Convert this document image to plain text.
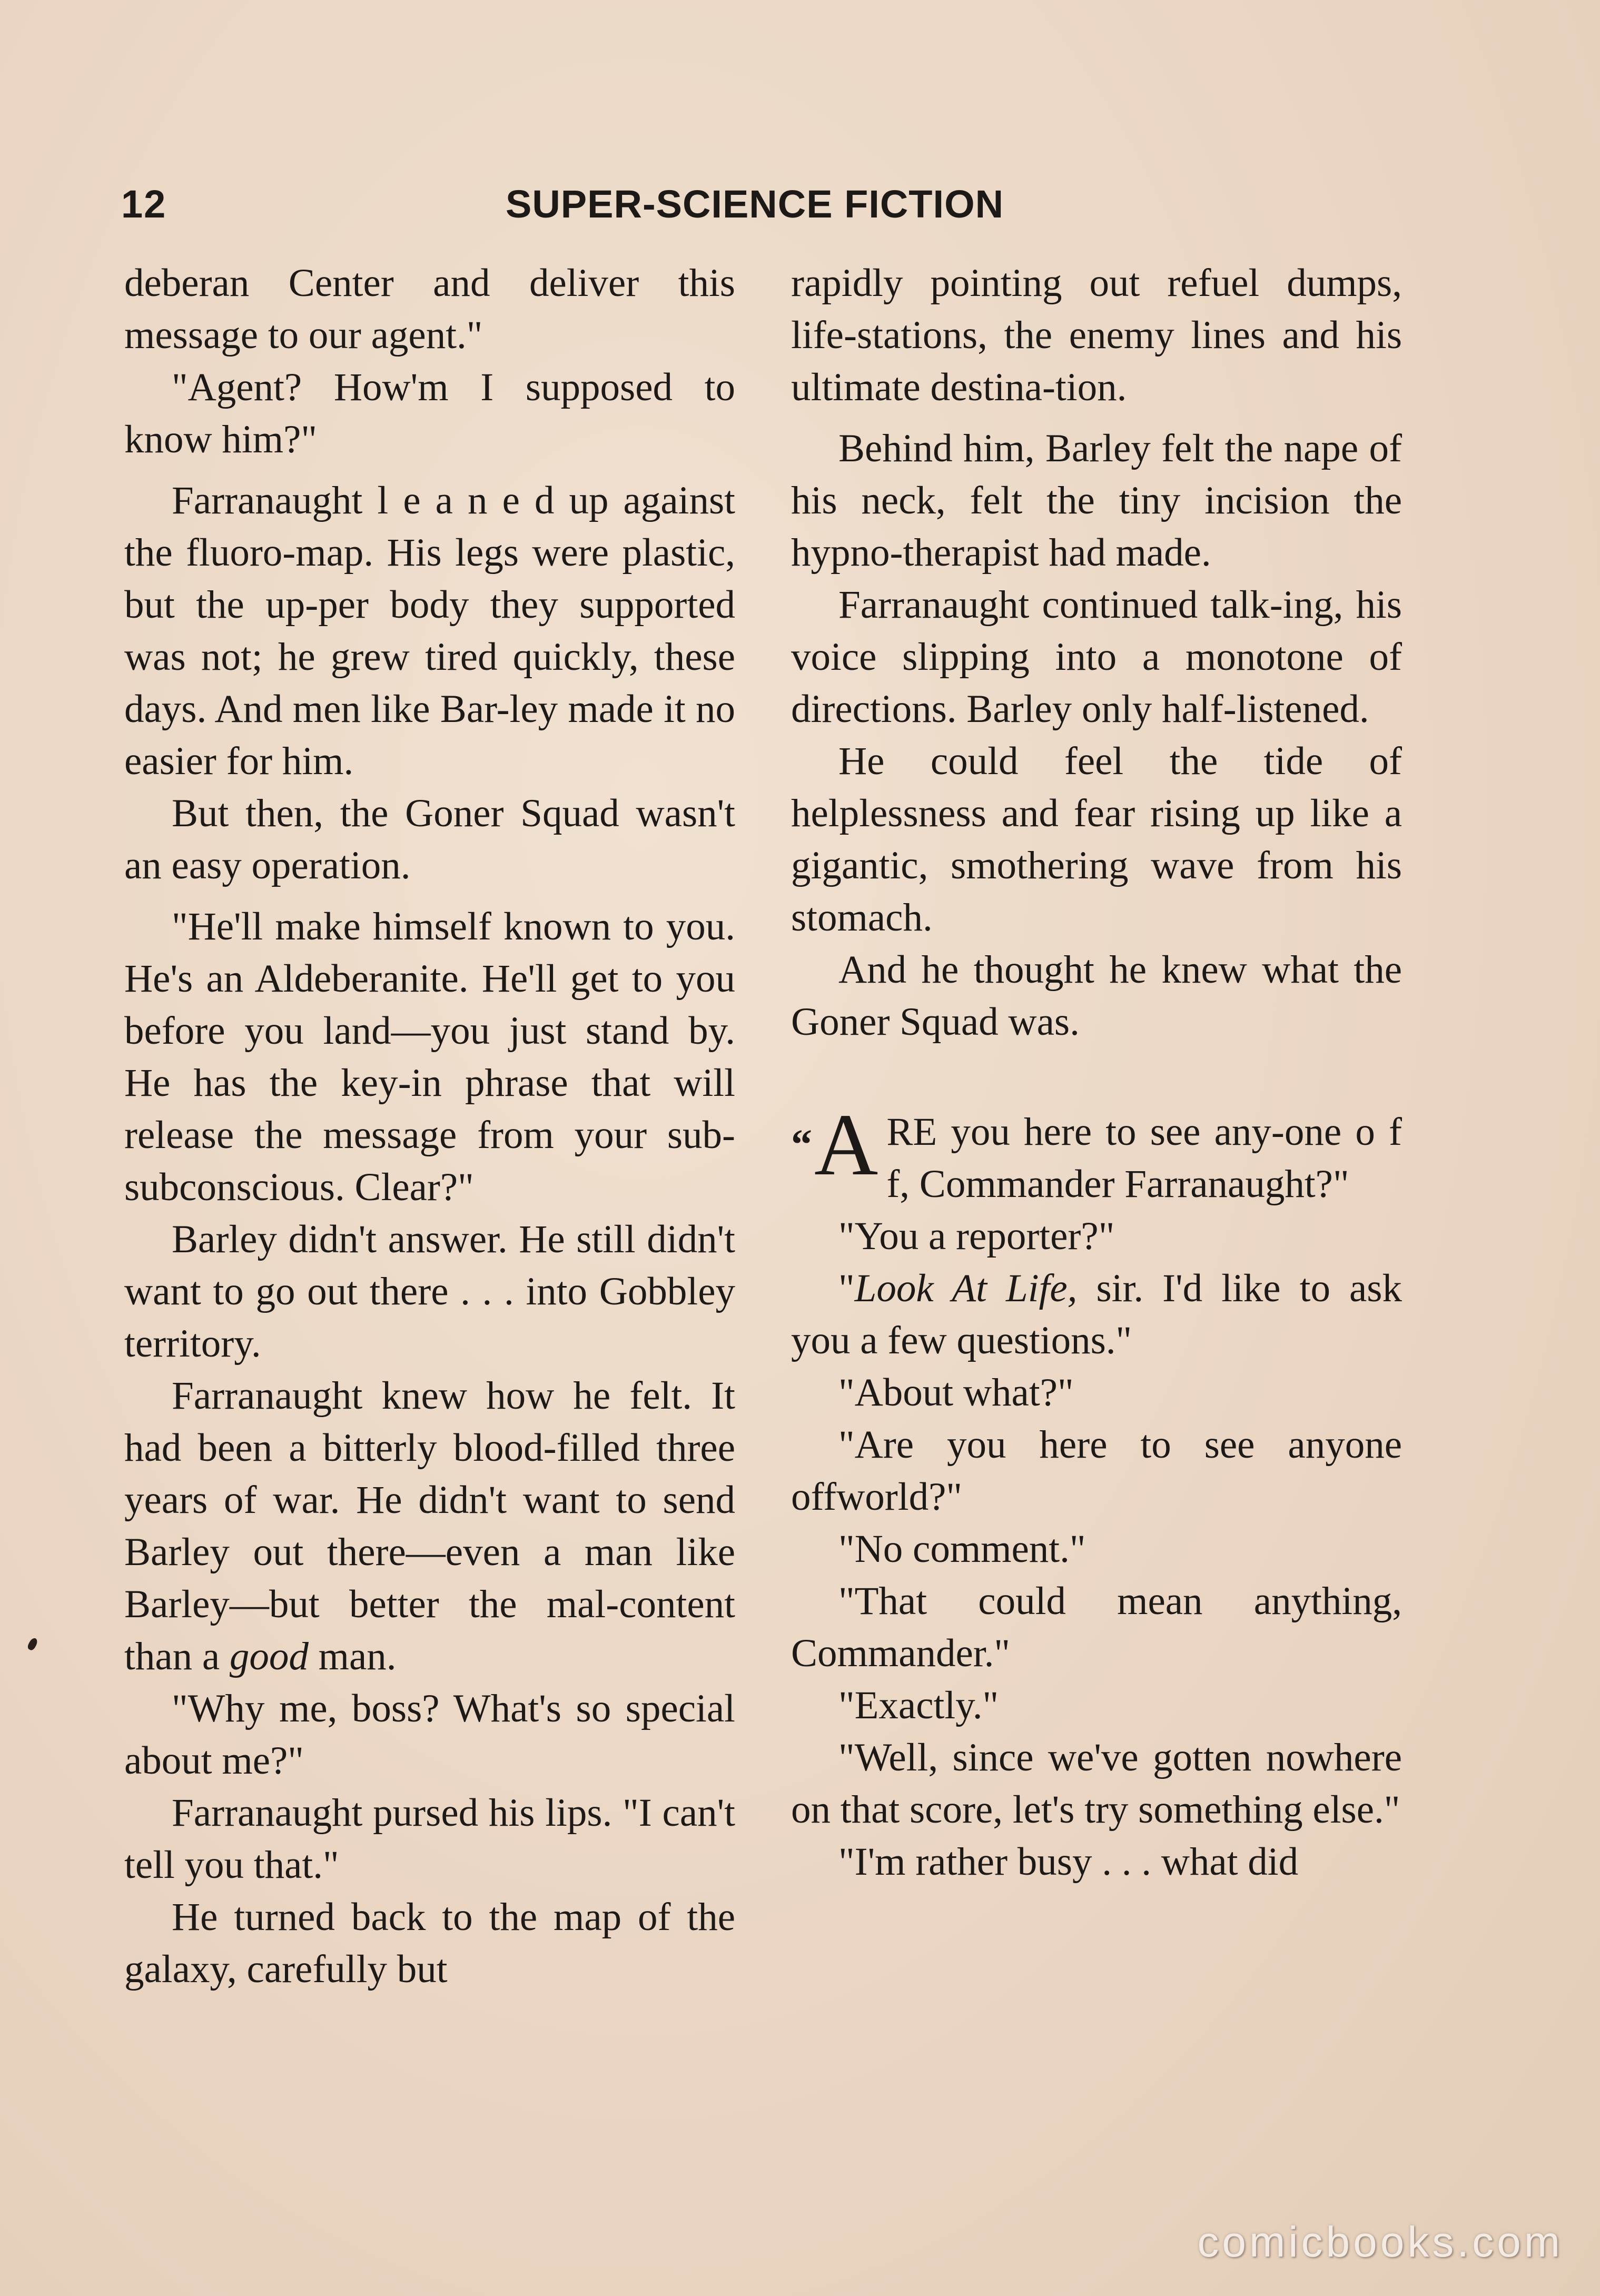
12	SUPER-SCIENCE FICTION

deberan Center and deliver this message to our agent."

"Agent? How'm I supposed to know him?"

Farranaught l e a n e d up against the fluoro-map. His legs were plastic, but the up-per body they supported was not; he grew tired quickly, these days. And men like Bar-ley made it no easier for him.

But then, the Goner Squad wasn't an easy operation.

"He'll make himself known to you. He's an Aldeberanite. He'll get to you before you land—you just stand by. He has the key-in phrase that will release the message from your sub-subconscious. Clear?"

Barley didn't answer. He still didn't want to go out there . . . into Gobbley territory.

Farranaught knew how he felt. It had been a bitterly blood-filled three years of war. He didn't want to send Barley out there—even a man like Barley—but better the mal-content than a good man.

"Why me, boss? What's so special about me?"

Farranaught pursed his lips. "I can't tell you that."

He turned back to the map of the galaxy, carefully but

rapidly pointing out refuel dumps, life-stations, the enemy lines and his ultimate destina-tion.

Behind him, Barley felt the nape of his neck, felt the tiny incision the hypno-therapist had made.

Farranaught continued talk-ing, his voice slipping into a monotone of directions. Barley only half-listened.

He could feel the tide of helplessness and fear rising up like a gigantic, smothering wave from his stomach.

And he thought he knew what the Goner Squad was.

“A RE you here to see any-one o f f, Commander Farranaught?"

"You a reporter?"

"Look At Life, sir. I'd like to ask you a few questions."

"About what?"

"Are you here to see anyone offworld?"

"No comment."

"That could mean anything, Commander."

"Exactly."

"Well, since we've gotten nowhere on that score, let's try something else."

"I'm rather busy . . . what did

comicbooks.com
